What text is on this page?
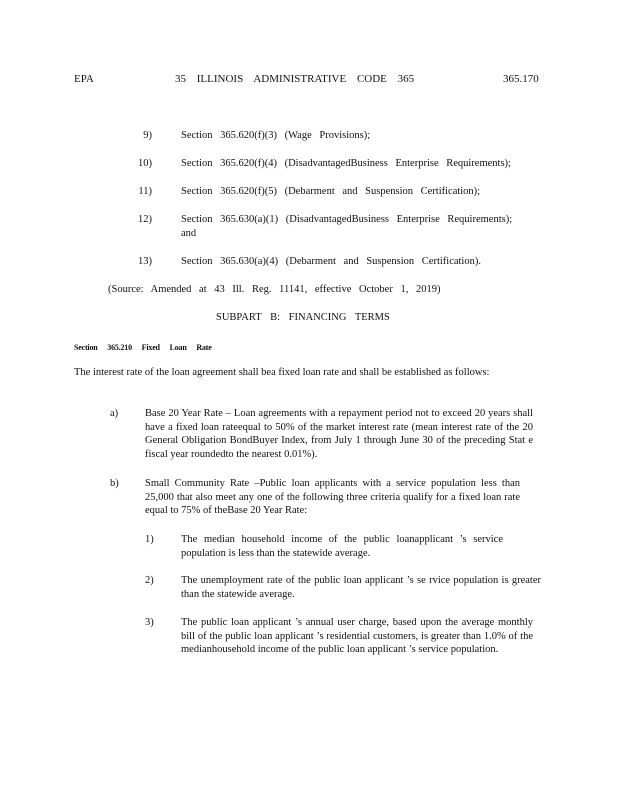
EPA	35 ILLINOIS ADMINISTRATIVE CODE 365	365.170
9)	Section 365.620(f)(3) (Wage Provisions);
10)	Section 365.620(f)(4) (DisadvantagedBusiness Enterprise Requirements);
11)	Section 365.620(f)(5) (Debarment and Suspension Certification);
12)	Section 365.630(a)(1) (DisadvantagedBusiness Enterprise Requirements);
and
13)	Section 365.630(a)(4) (Debarment and Suspension Certification).
(Source: Amended at 43 Ill. Reg. 11141, effective October 1, 2019)
SUBPART B: FINANCING TERMS
Section 365.210 Fixed Loan Rate
The interest rate of the loan agreement shall bea fixed loan rate and shall be established as follows:
a)	Base 20 Year Rate – Loan agreements with a repayment period not to exceed 20 years shall have a fixed loan rateequal to 50% of the market interest rate (mean interest rate of the 20 General Obligation BondBuyer Index, from July 1 through June 30 of the preceding Stat e fiscal year roundedto the nearest 0.01%).
b)	Small Community Rate –Public loan applicants with a service population less than 25,000 that also meet any one of the following three criteria qualify for a fixed loan rate equal to 75% of theBase 20 Year Rate:
1)	The median household income of the public loanapplicant ’s service population is less than the statewide average.
2)	The unemployment rate of the public loan applicant ’s se rvice population is greater than the statewide average.
3)	The public loan applicant ’s annual user charge, based upon the average monthly bill of the public loan applicant ’s residential customers, is greater than 1.0% of the medianhousehold income of the public loan applicant ’s service population.
